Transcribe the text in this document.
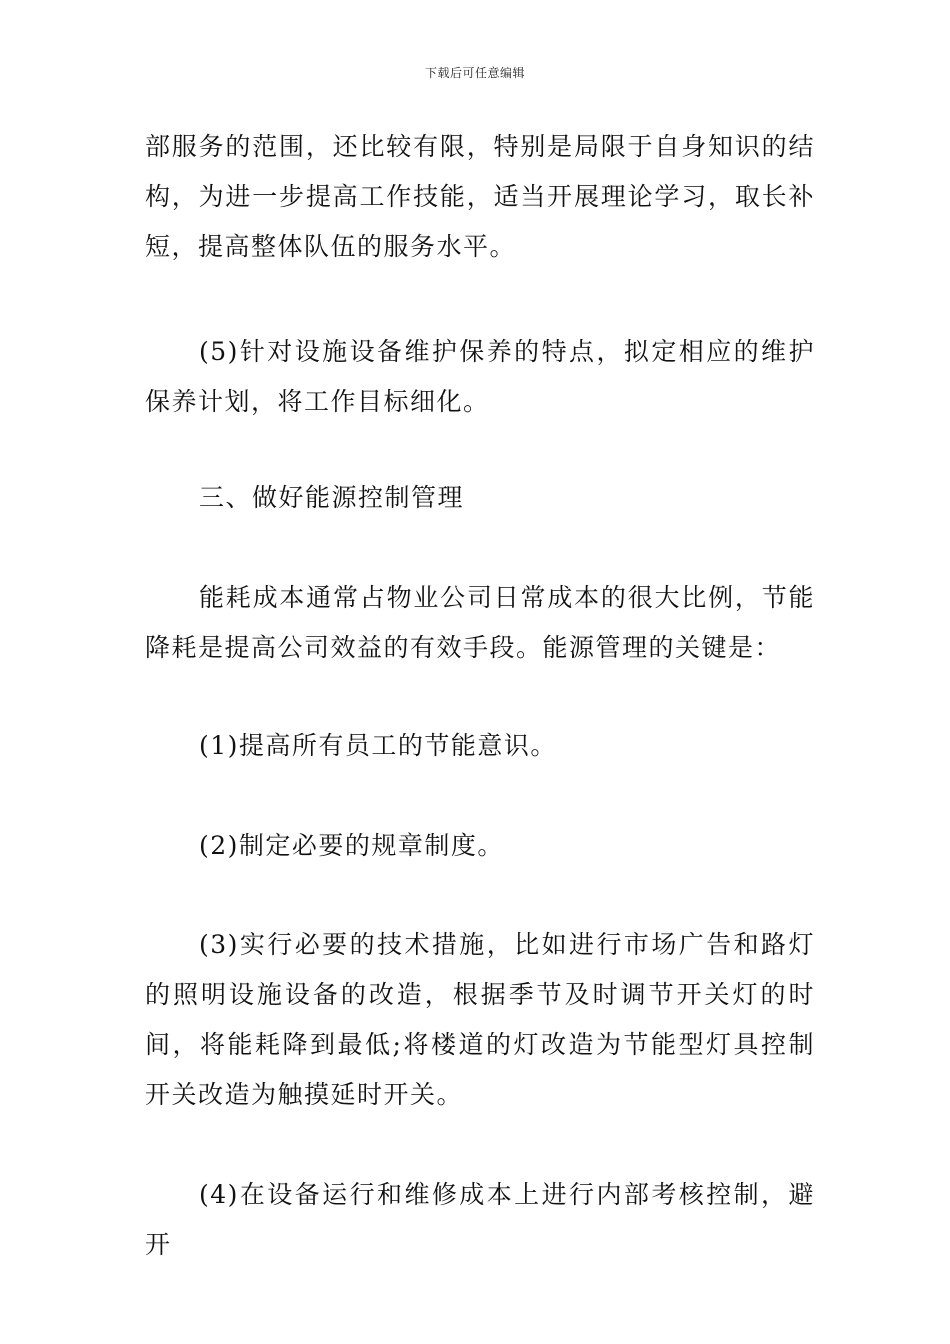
下载后可任意编辑

部服务的范围，还比较有限，特别是局限于自身知识的结构，为进一步提高工作技能，适当开展理论学习，取长补短，提高整体队伍的服务水平。

(5)针对设施设备维护保养的特点，拟定相应的维护保养计划，将工作目标细化。

三、做好能源控制管理

能耗成本通常占物业公司日常成本的很大比例，节能降耗是提高公司效益的有效手段。能源管理的关键是：

(1)提高所有员工的节能意识。

(2)制定必要的规章制度。

(3)实行必要的技术措施，比如进行市场广告和路灯的照明设施设备的改造，根据季节及时调节开关灯的时间，将能耗降到最低;将楼道的灯改造为节能型灯具控制开关改造为触摸延时开关。

(4)在设备运行和维修成本上进行内部考核控制，避开
